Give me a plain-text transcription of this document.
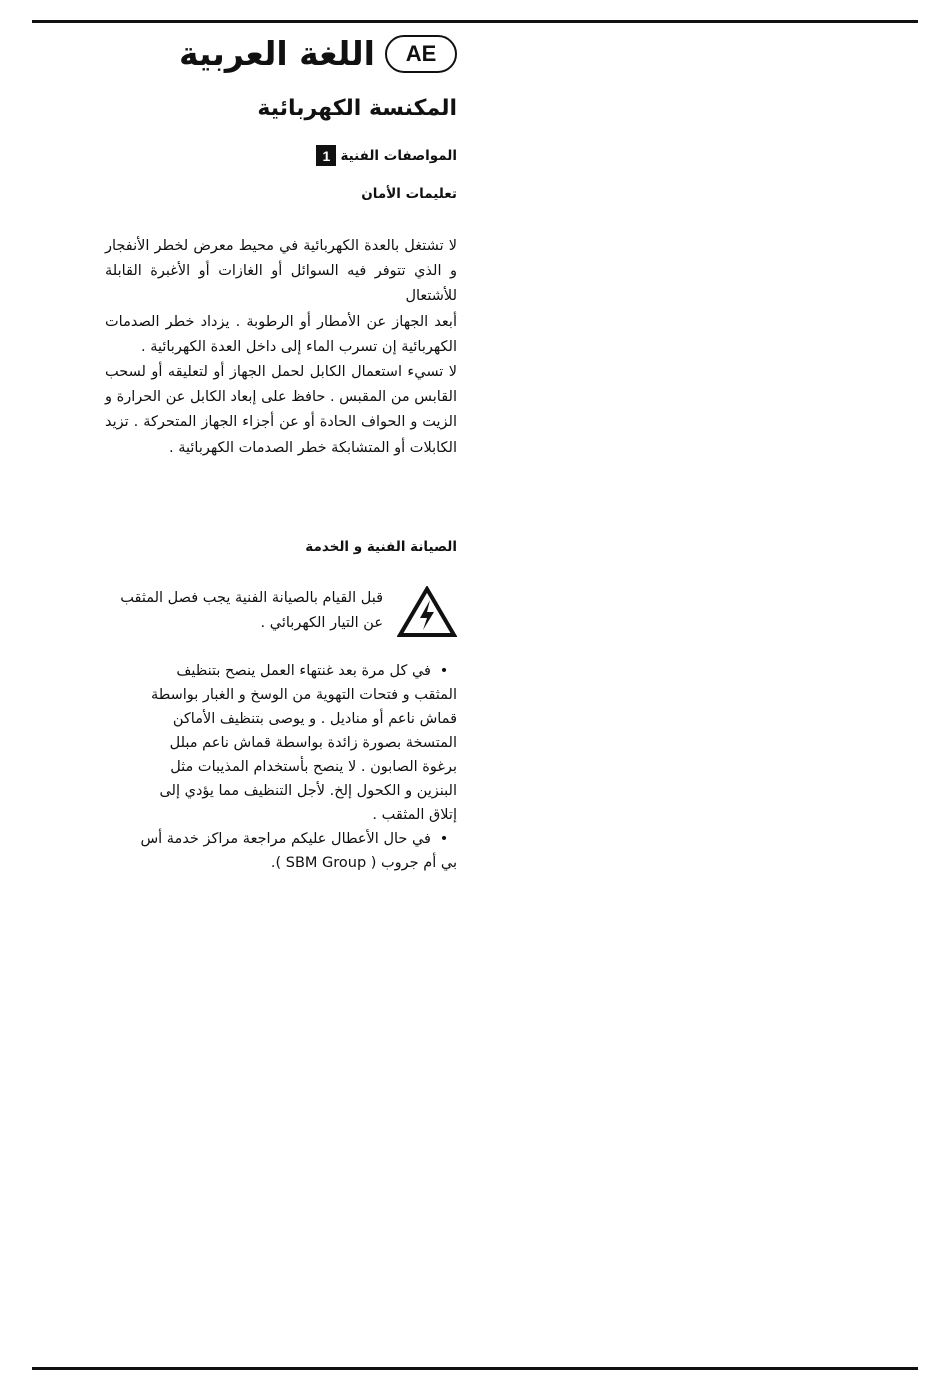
AE
اللغة العربية
المكنسة الكهربائية
المواصفات الفنية
1
تعليمات الأمان

لا تشتغل بالعدة الكهربائية في محيط معرض لخطر الأنفجار و الذي تتوفر فيه السوائل أو الغازات أو الأغبرة القابلة للأشتعال

أبعد الجهاز عن الأمطار أو الرطوبة . يزداد خطر الصدمات الكهربائية إن تسرب الماء إلى داخل العدة الكهربائية .

لا تسيء استعمال الكابل لحمل الجهاز أو لتعليقه أو لسحب القابس من المقبس . حافظ على إبعاد الكابل عن الحرارة و الزيت و الحواف الحادة أو عن أجزاء الجهاز المتحركة . تزيد الكابلات أو المتشابكة خطر الصدمات الكهربائية .

الصيانة الفنية و الخدمة

قبل القيام بالصيانة الفنية يجب فصل المثقب عن التيار الكهربائي .

•في كل مرة بعد غنتهاء العمل ينصح بتنظيف المثقب و فتحات التهوية من الوسخ و الغبار بواسطة قماش ناعم أو مناديل . و يوصى بتنظيف الأماكن المتسخة بصورة زائدة بواسطة قماش ناعم مبلل برغوة الصابون . لا ينصح بأستخدام المذيبات مثل البنزين و الكحول إلخ. لأجل التنظيف مما يؤدي إلى إتلاق المثقب .
•في حال الأعطال عليكم مراجعة مراكز خدمة أس بي أم جروب ( SBM Group ).
